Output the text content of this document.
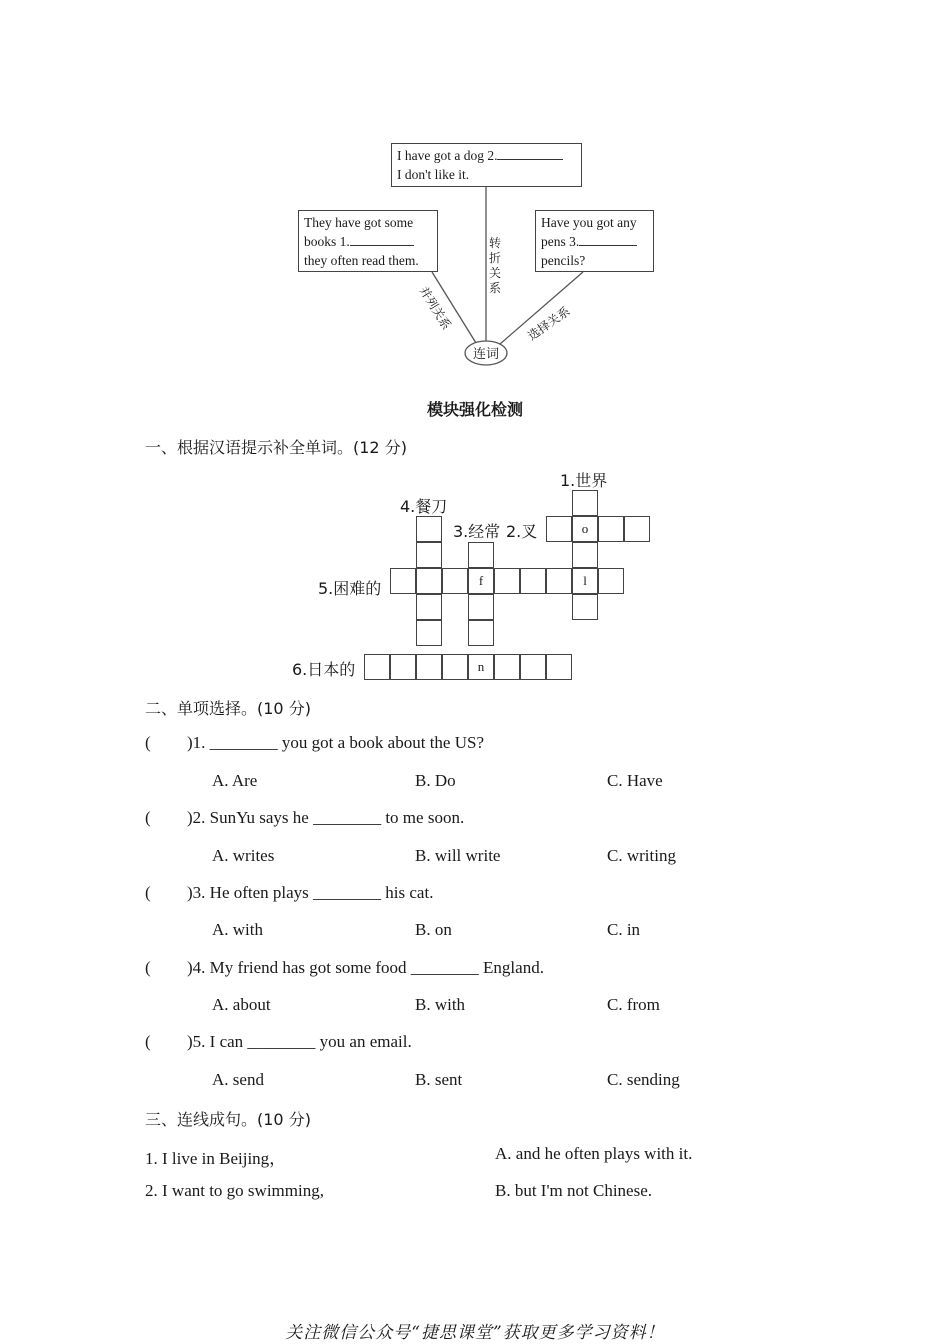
I have got a dog 2.
I don't like it.
They have got some
books 1.
they often read them.
Have you got any
pens 3.
pencils?
连词
转折关系
并列关系	选择关系
模块强化检测
一、根据汉语提示补全单词。(12 分)
1.世界
4.餐刀
3.经常 2.叉
5.困难的
6.日本的
o
f	l
n
二、单项选择。(10 分)
( )1. ________ you got a book about the US?
A. Are	B. Do	C. Have
( )2. SunYu says he ________ to me soon.
A. writes	B. will write	C. writing
( )3. He often plays ________ his cat.
A. with	B. on	C. in
( )4. My friend has got some food ________ England.
A. about	B. with	C. from
( )5. I can ________ you an email.
A. send	B. sent	C. sending
三、连线成句。(10 分)
1. I live in Beijing，	A. and he often plays with it.
2. I want to go swimming,	B. but I'm not Chinese.
关注微信公众号“捷思课堂”获取更多学习资料！
